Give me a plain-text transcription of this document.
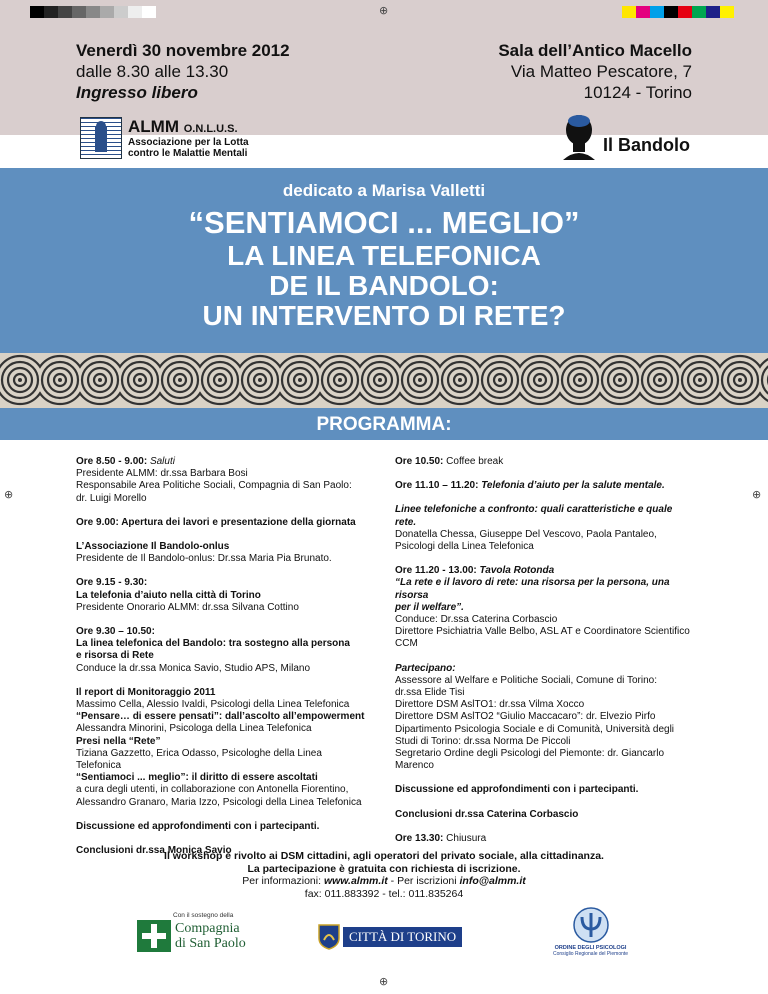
⊕
Venerdì 30 novembre 2012
dalle 8.30 alle 13.30
Ingresso libero
Sala dell’Antico Macello
Via Matteo Pescatore, 7
10124 - Torino
ALMM O.N.L.U.S.
Associazione per la Lotta
contro le Malattie Mentali	Il Bandolo
dedicato a Marisa Valletti
“SENTIAMOCI ... MEGLIO”
LA LINEA TELEFONICA
DE IL BANDOLO:
UN INTERVENTO DI RETE?
PROGRAMMA:
Ore 8.50 - 9.00: Saluti
Presidente ALMM: dr.ssa Barbara Bosi
Responsabile Area Politiche Sociali, Compagnia di San Paolo:
dr. Luigi Morello
Ore 9.00: Apertura dei lavori e presentazione della giornata
L’Associazione Il Bandolo-onlus
Presidente de Il Bandolo-onlus: Dr.ssa Maria Pia Brunato.
Ore 9.15 - 9.30:
La telefonia d’aiuto nella città di Torino
Presidente Onorario ALMM: dr.ssa Silvana Cottino
Ore 9.30 – 10.50:
La linea telefonica del Bandolo: tra sostegno alla persona
e risorsa di Rete
Conduce la dr.ssa Monica Savio, Studio APS, Milano
Il report di Monitoraggio 2011
Massimo Cella, Alessio Ivaldi, Psicologi della Linea Telefonica
“Pensare… di essere pensati”: dall’ascolto all’empowerment
Alessandra Minorini, Psicologa della Linea Telefonica
Presi nella “Rete”
Tiziana Gazzetto, Erica Odasso, Psicologhe della Linea Telefonica
“Sentiamoci ... meglio”: il diritto di essere ascoltati
a cura degli utenti, in collaborazione con Antonella Fiorentino,
Alessandro Granaro, Maria Izzo, Psicologi della Linea Telefonica
Discussione ed approfondimenti con i partecipanti.
Conclusioni dr.ssa Monica Savio
Ore 10.50: Coffee break
Ore 11.10 – 11.20: Telefonia d’aiuto per la salute mentale.
Linee telefoniche a confronto: quali caratteristiche e quale rete.
Donatella Chessa, Giuseppe Del Vescovo, Paola Pantaleo,
Psicologi della Linea Telefonica
Ore 11.20 - 13.00: Tavola Rotonda
“La rete e il lavoro di rete: una risorsa per la persona, una risorsa
per il welfare”.
Conduce: Dr.ssa Caterina Corbascio
Direttore Psichiatria Valle Belbo, ASL AT e Coordinatore Scientifico
CCM
Partecipano:
Assessore al Welfare e Politiche Sociali, Comune di Torino:
dr.ssa Elide Tisi
Direttore DSM AslTO1: dr.ssa Vilma Xocco
Direttore DSM AslTO2 “Giulio Maccacaro”: dr. Elvezio Pirfo
Dipartimento Psicologia Sociale e di Comunità, Università degli
Studi di Torino: dr.ssa Norma De Piccoli
Segretario Ordine degli Psicologi del Piemonte: dr. Giancarlo
Marenco
Discussione ed approfondimenti con i partecipanti.
Conclusioni dr.ssa Caterina Corbascio
Ore 13.30: Chiusura
Il workshop è rivolto ai DSM cittadini, agli operatori del privato sociale, alla cittadinanza.
La partecipazione è gratuita con richiesta di iscrizione.
Per informazioni: www.almm.it - Per iscrizioni info@almm.it
fax: 011.883392 - tel.: 011.835264
Con il sostegno della
Compagnia
di San Paolo	CITTÀ DI TORINO
ORDINE DEGLI PSICOLOGI
Consiglio Regionale del Piemonte
⊕
⊕	⊕
